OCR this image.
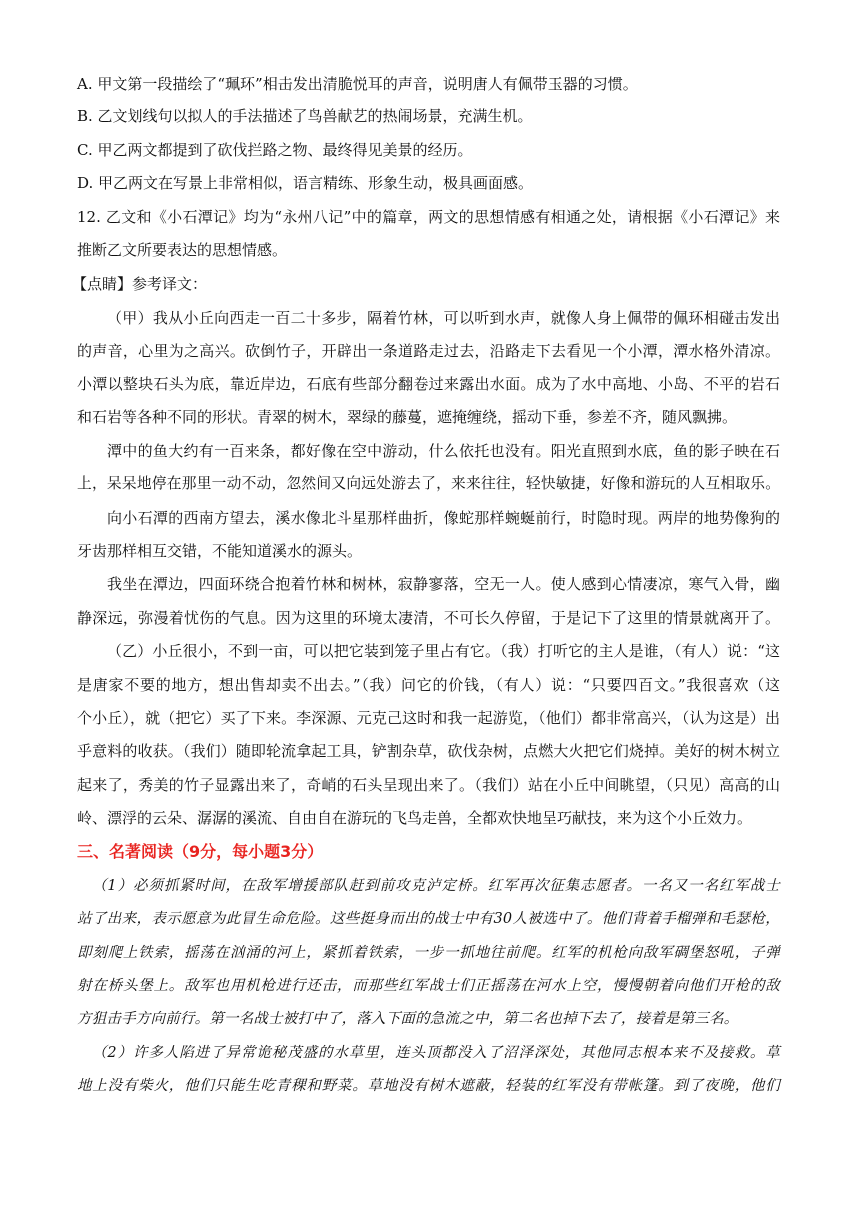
A. 甲文第一段描绘了“珮环”相击发出清脆悦耳的声音，说明唐人有佩带玉器的习惯。
B. 乙文划线句以拟人的手法描述了鸟兽献艺的热闹场景，充满生机。
C. 甲乙两文都提到了砍伐拦路之物、最终得见美景的经历。
D. 甲乙两文在写景上非常相似，语言精练、形象生动，极具画面感。
12. 乙文和《小石潭记》均为“永州八记”中的篇章，两文的思想情感有相通之处，请根据《小石潭记》来
推断乙文所要表达的思想情感。
【点睛】参考译文：
（甲）我从小丘向西走一百二十多步，隔着竹林，可以听到水声，就像人身上佩带的佩环相碰击发出
的声音，心里为之高兴。砍倒竹子，开辟出一条道路走过去，沿路走下去看见一个小潭，潭水格外清凉。
小潭以整块石头为底，靠近岸边，石底有些部分翻卷过来露出水面。成为了水中高地、小岛、不平的岩石
和石岩等各种不同的形状。青翠的树木，翠绿的藤蔓，遮掩缠绕，摇动下垂，参差不齐，随风飘拂。
潭中的鱼大约有一百来条，都好像在空中游动，什么依托也没有。阳光直照到水底，鱼的影子映在石
上，呆呆地停在那里一动不动，忽然间又向远处游去了，来来往往，轻快敏捷，好像和游玩的人互相取乐。
向小石潭的西南方望去，溪水像北斗星那样曲折，像蛇那样蜿蜒前行，时隐时现。两岸的地势像狗的
牙齿那样相互交错，不能知道溪水的源头。
我坐在潭边，四面环绕合抱着竹林和树林，寂静寥落，空无一人。使人感到心情凄凉，寒气入骨，幽
静深远，弥漫着忧伤的气息。因为这里的环境太凄清，不可长久停留，于是记下了这里的情景就离开了。
（乙）小丘很小，不到一亩，可以把它装到笼子里占有它。（我）打听它的主人是谁，（有人）说：“这
是唐家不要的地方，想出售却卖不出去。”（我）问它的价钱，（有人）说：“只要四百文。”我很喜欢（这
个小丘），就（把它）买了下来。李深源、元克己这时和我一起游览，（他们）都非常高兴，（认为这是）出
乎意料的收获。（我们）随即轮流拿起工具，铲割杂草，砍伐杂树，点燃大火把它们烧掉。美好的树木树立
起来了，秀美的竹子显露出来了，奇峭的石头呈现出来了。（我们）站在小丘中间眺望，（只见）高高的山
岭、漂浮的云朵、潺潺的溪流、自由自在游玩的飞鸟走兽，全都欢快地呈巧献技，来为这个小丘效力。
三、名著阅读（9分，每小题3分）
（1）必须抓紧时间，在敌军增援部队赶到前攻克泸定桥。红军再次征集志愿者。一名又一名红军战士
站了出来，表示愿意为此冒生命危险。这些挺身而出的战士中有30人被选中了。他们背着手榴弹和毛瑟枪，
即刻爬上铁索，摇荡在汹涌的河上，紧抓着铁索，一步一抓地往前爬。红军的机枪向敌军碉堡怒吼，子弹
射在桥头堡上。敌军也用机枪进行还击，而那些红军战士们正摇荡在河水上空，慢慢朝着向他们开枪的敌
方狙击手方向前行。第一名战士被打中了，落入下面的急流之中，第二名也掉下去了，接着是第三名。
（2）许多人陷进了异常诡秘茂盛的水草里，连头顶都没入了沼泽深处，其他同志根本来不及接救。草
地上没有柴火，他们只能生吃青稞和野菜。草地没有树木遮蔽，轻装的红军没有带帐篷。到了夜晚，他们
